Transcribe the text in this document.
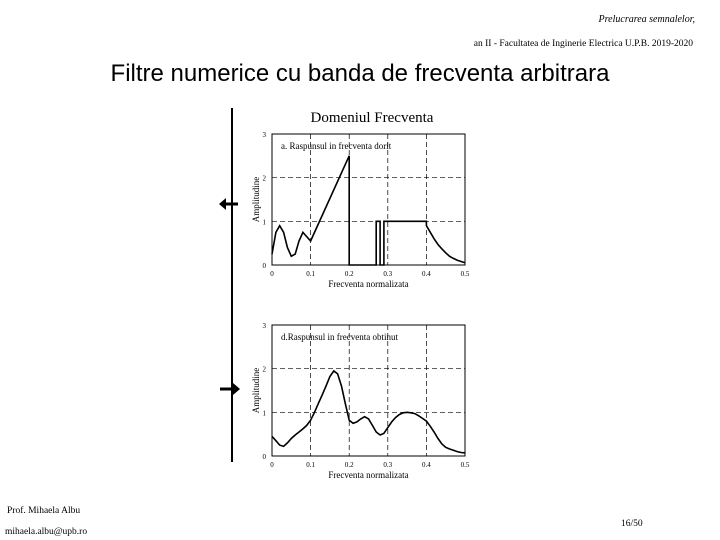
Prelucrarea semnalelor,
an II - Facultatea de Inginerie Electrica U.P.B. 2019-2020
Filtre numerice cu banda de frecventa arbitrara
Domeniul Frecventa
0	0.1	0.2	0.3	0.4	0.5
3
2
1
0
Amplitudine
Frecventa normalizata
a. Raspunsul in frecventa dorit
0	0.1	0.2	0.3	0.4	0.5
3
2
1
0
Amplitudine
Frecventa normalizata
d.Raspunsul in frecventa obtinut
Prof. Mihaela Albu
mihaela.albu@upb.ro
16/50
